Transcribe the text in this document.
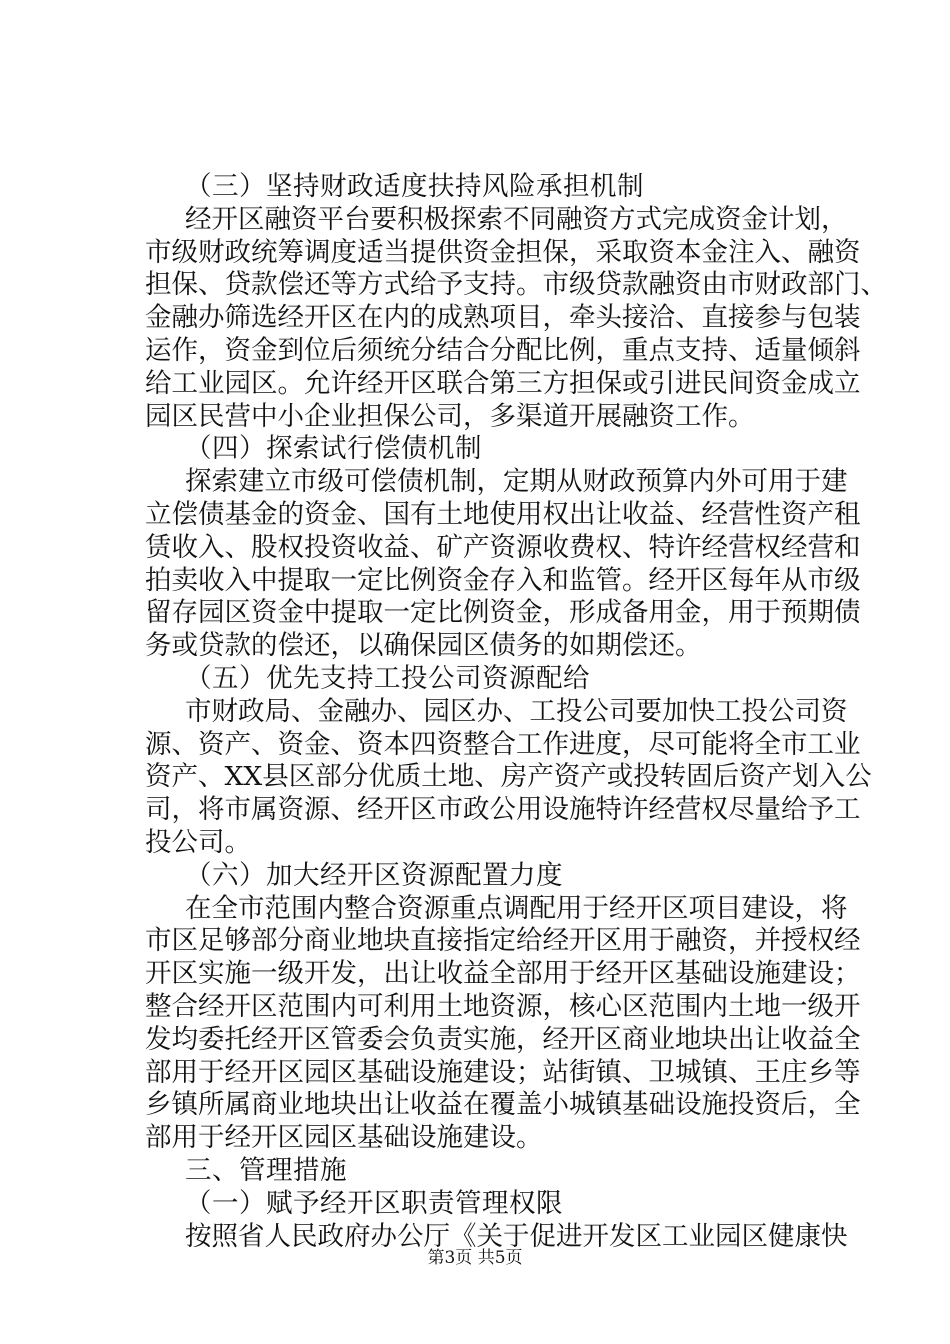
（三）坚持财政适度扶持风险承担机制
经开区融资平台要积极探索不同融资方式完成资金计划，
市级财政统筹调度适当提供资金担保，采取资本金注入、融资
担保、贷款偿还等方式给予支持。市级贷款融资由市财政部门、
金融办筛选经开区在内的成熟项目，牵头接洽、直接参与包装
运作，资金到位后须统分结合分配比例，重点支持、适量倾斜
给工业园区。允许经开区联合第三方担保或引进民间资金成立
园区民营中小企业担保公司，多渠道开展融资工作。
（四）探索试行偿债机制
探索建立市级可偿债机制，定期从财政预算内外可用于建
立偿债基金的资金、国有土地使用权出让收益、经营性资产租
赁收入、股权投资收益、矿产资源收费权、特许经营权经营和
拍卖收入中提取一定比例资金存入和监管。经开区每年从市级
留存园区资金中提取一定比例资金，形成备用金，用于预期债
务或贷款的偿还，以确保园区债务的如期偿还。
（五）优先支持工投公司资源配给
市财政局、金融办、园区办、工投公司要加快工投公司资
源、资产、资金、资本四资整合工作进度，尽可能将全市工业
资产、XX县区部分优质土地、房产资产或投转固后资产划入公
司，将市属资源、经开区市政公用设施特许经营权尽量给予工
投公司。
（六）加大经开区资源配置力度
在全市范围内整合资源重点调配用于经开区项目建设，将
市区足够部分商业地块直接指定给经开区用于融资，并授权经
开区实施一级开发，出让收益全部用于经开区基础设施建设；
整合经开区范围内可利用土地资源，核心区范围内土地一级开
发均委托经开区管委会负责实施，经开区商业地块出让收益全
部用于经开区园区基础设施建设；站街镇、卫城镇、王庄乡等
乡镇所属商业地块出让收益在覆盖小城镇基础设施投资后，全
部用于经开区园区基础设施建设。
三、管理措施
（一）赋予经开区职责管理权限
按照省人民政府办公厅《关于促进开发区工业园区健康快
第3页 共5页
